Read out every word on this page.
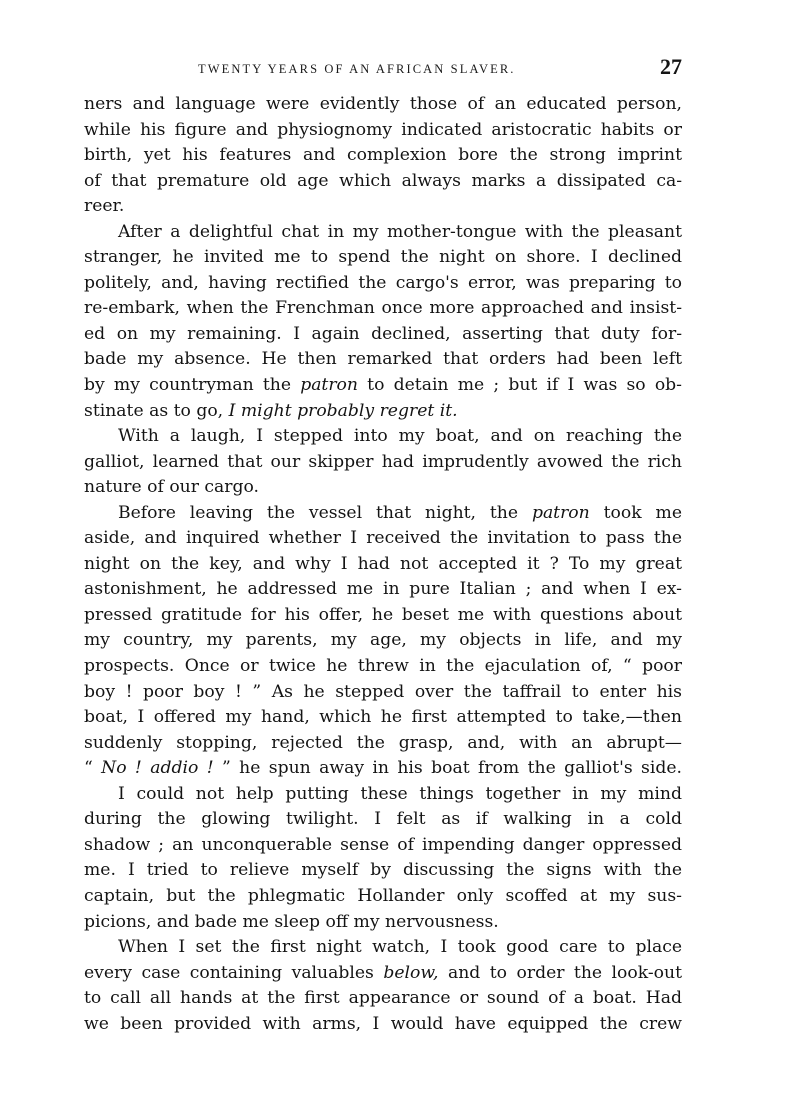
TWENTY YEARS OF AN AFRICAN SLAVER.	27
ners and language were evidently those of an educated person,
while his figure and physiognomy indicated aristocratic habits or
birth, yet his features and complexion bore the strong imprint
of that premature old age which always marks a dissipated ca-
reer.
After a delightful chat in my mother-tongue with the pleasant
stranger, he invited me to spend the night on shore. I declined
politely, and, having rectified the cargo's error, was preparing to
re-embark, when the Frenchman once more approached and insist-
ed on my remaining. I again declined, asserting that duty for-
bade my absence. He then remarked that orders had been left
by my countryman the patron to detain me ; but if I was so ob-
stinate as to go, I might probably regret it.
With a laugh, I stepped into my boat, and on reaching the
galliot, learned that our skipper had imprudently avowed the rich
nature of our cargo.
Before leaving the vessel that night, the patron took me
aside, and inquired whether I received the invitation to pass the
night on the key, and why I had not accepted it ? To my great
astonishment, he addressed me in pure Italian ; and when I ex-
pressed gratitude for his offer, he beset me with questions about
my country, my parents, my age, my objects in life, and my
prospects. Once or twice he threw in the ejaculation of, “ poor
boy ! poor boy ! ” As he stepped over the taffrail to enter his
boat, I offered my hand, which he first attempted to take,—then
suddenly stopping, rejected the grasp, and, with an abrupt—
“ No ! addio ! ” he spun away in his boat from the galliot's side.
I could not help putting these things together in my mind
during the glowing twilight. I felt as if walking in a cold
shadow ; an unconquerable sense of impending danger oppressed
me. I tried to relieve myself by discussing the signs with the
captain, but the phlegmatic Hollander only scoffed at my sus-
picions, and bade me sleep off my nervousness.
When I set the first night watch, I took good care to place
every case containing valuables below, and to order the look-out
to call all hands at the first appearance or sound of a boat. Had
we been provided with arms, I would have equipped the crew
